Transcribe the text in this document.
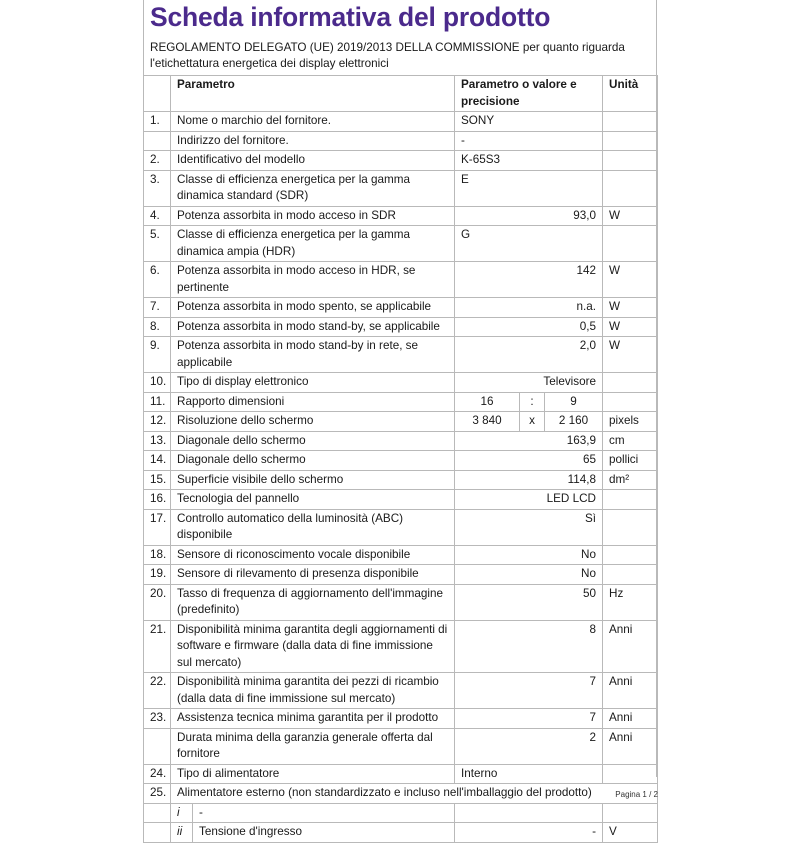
Scheda informativa del prodotto
REGOLAMENTO DELEGATO (UE) 2019/2013 DELLA COMMISSIONE per quanto riguarda l'etichettatura energetica dei display elettronici
	Parametro	Parametro o valore e precisione			Unità
1.	Nome o marchio del fornitore.	SONY			
	Indirizzo del fornitore.	-			
2.	Identificativo del modello	K-65S3			
3.	Classe di efficienza energetica per la gamma dinamica standard (SDR)	E			
4.	Potenza assorbita in modo acceso in SDR	93,0			W
5.	Classe di efficienza energetica per la gamma dinamica ampia (HDR)	G			
6.	Potenza assorbita in modo acceso in HDR, se pertinente	142			W
7.	Potenza assorbita in modo spento, se applicabile	n.a.			W
8.	Potenza assorbita in modo stand-by, se applicabile	0,5			W
9.	Potenza assorbita in modo stand-by in rete, se applicabile	2,0			W
10.	Tipo di display elettronico	Televisore			
11.	Rapporto dimensioni	16	:	9	
12.	Risoluzione dello schermo	3 840	x	2 160	pixels
13.	Diagonale dello schermo	163,9			cm
14.	Diagonale dello schermo	65			pollici
15.	Superficie visibile dello schermo	114,8			dm²
16.	Tecnologia del pannello	LED LCD			
17.	Controllo automatico della luminosità (ABC) disponibile	Sì			
18.	Sensore di riconoscimento vocale disponibile	No			
19.	Sensore di rilevamento di presenza disponibile	No			
20.	Tasso di frequenza di aggiornamento dell'immagine (predefinito)	50			Hz
21.	Disponibilità minima garantita degli aggiornamenti di software e firmware (dalla data di fine immissione sul mercato)	8			Anni
22.	Disponibilità minima garantita dei pezzi di ricambio (dalla data di fine immissione sul mercato)	7			Anni
23.	Assistenza tecnica minima garantita per il prodotto	7			Anni
	Durata minima della garanzia generale offerta dal fornitore	2			Anni
24.	Tipo di alimentatore	Interno			
25.	Alimentatore esterno (non standardizzato e incluso nell'imballaggio del prodotto)				

	i -				

	ii Tensione d'ingresso	-			V
Pagina 1 / 2
